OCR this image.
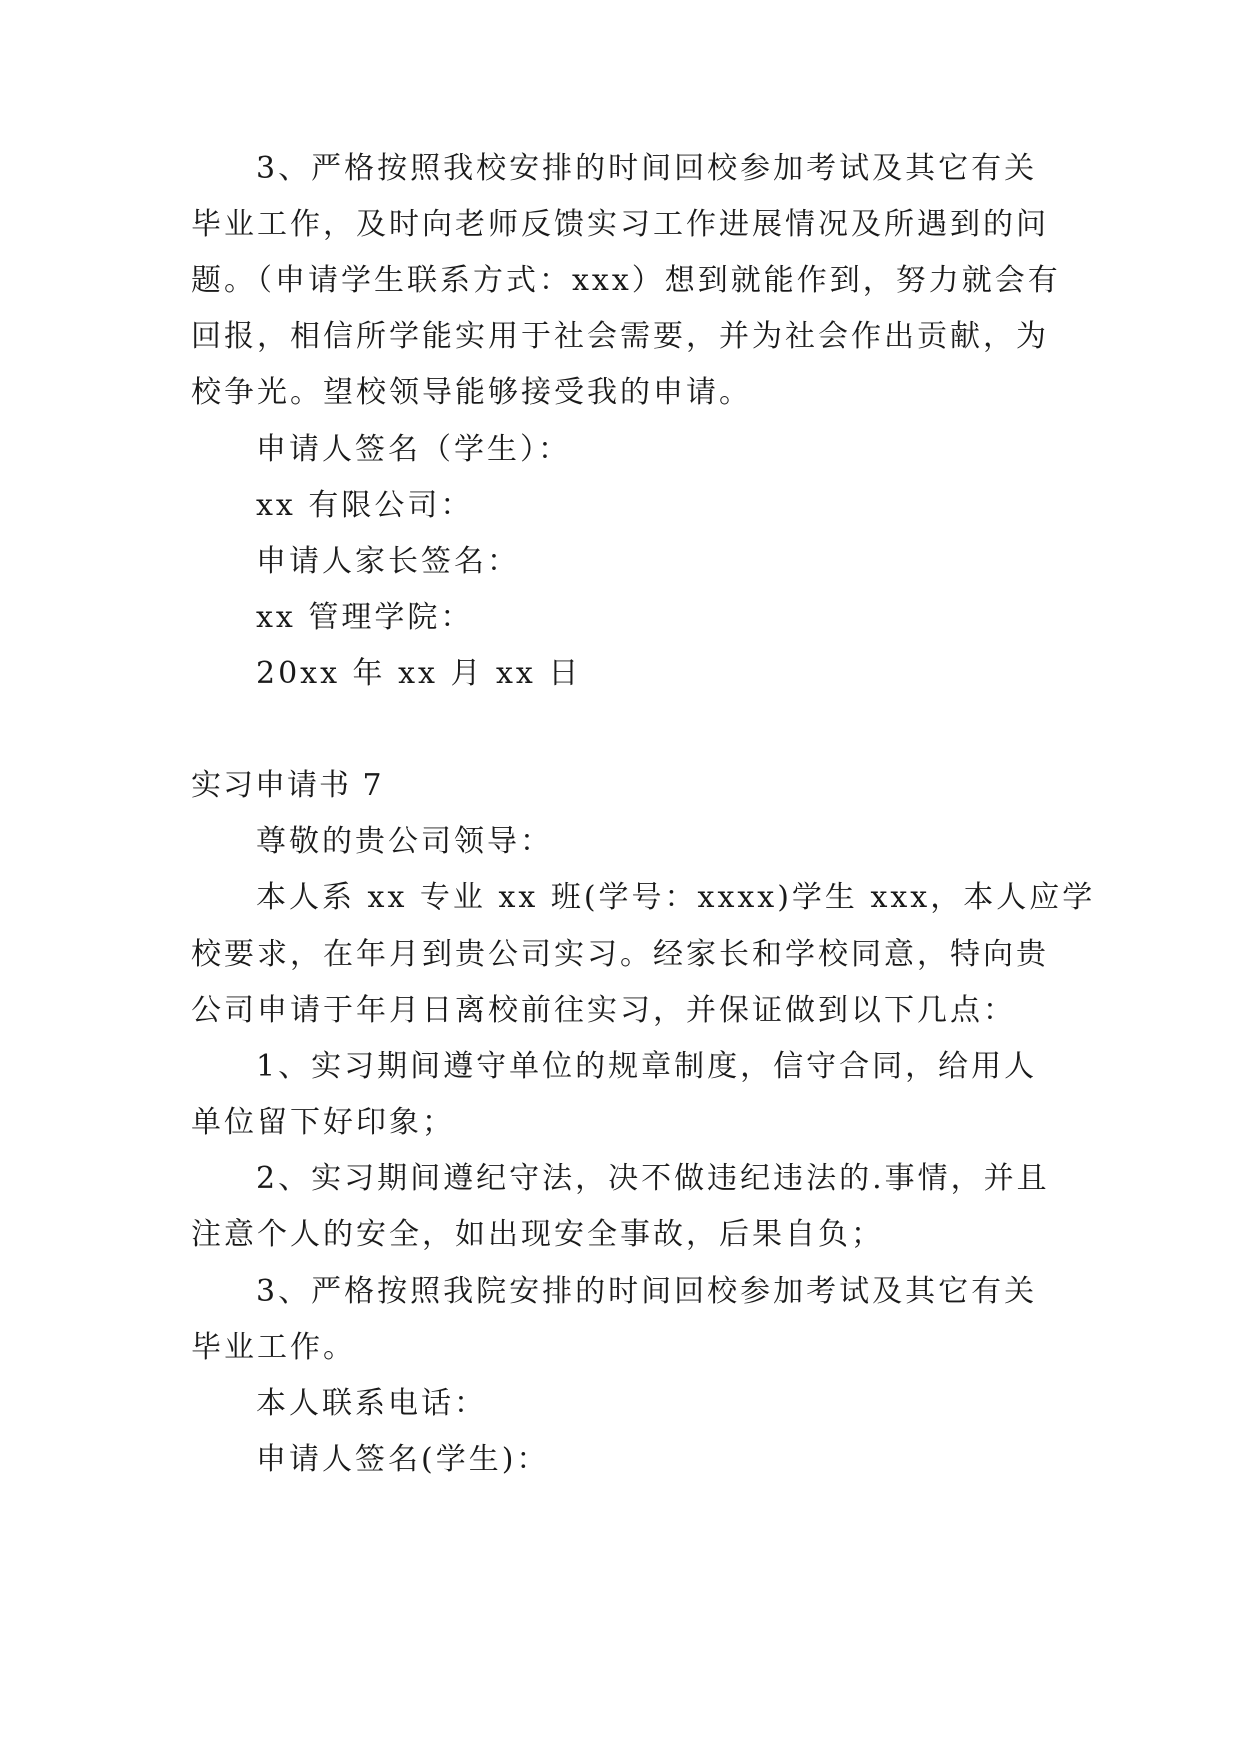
3、严格按照我校安排的时间回校参加考试及其它有关
毕业工作，及时向老师反馈实习工作进展情况及所遇到的问
题。（申请学生联系方式：xxx）想到就能作到，努力就会有
回报，相信所学能实用于社会需要，并为社会作出贡献，为
校争光。望校领导能够接受我的申请。
申请人签名（学生）：
xx 有限公司：
申请人家长签名：
xx 管理学院：
20xx 年 xx 月 xx 日
实习申请书 7
尊敬的贵公司领导：
本人系 xx 专业 xx 班(学号：xxxx)学生 xxx，本人应学
校要求，在年月到贵公司实习。经家长和学校同意，特向贵
公司申请于年月日离校前往实习，并保证做到以下几点：
1、实习期间遵守单位的规章制度，信守合同，给用人
单位留下好印象；
2、实习期间遵纪守法，决不做违纪违法的.事情，并且
注意个人的安全，如出现安全事故，后果自负；
3、严格按照我院安排的时间回校参加考试及其它有关
毕业工作。
本人联系电话：
申请人签名(学生)：
